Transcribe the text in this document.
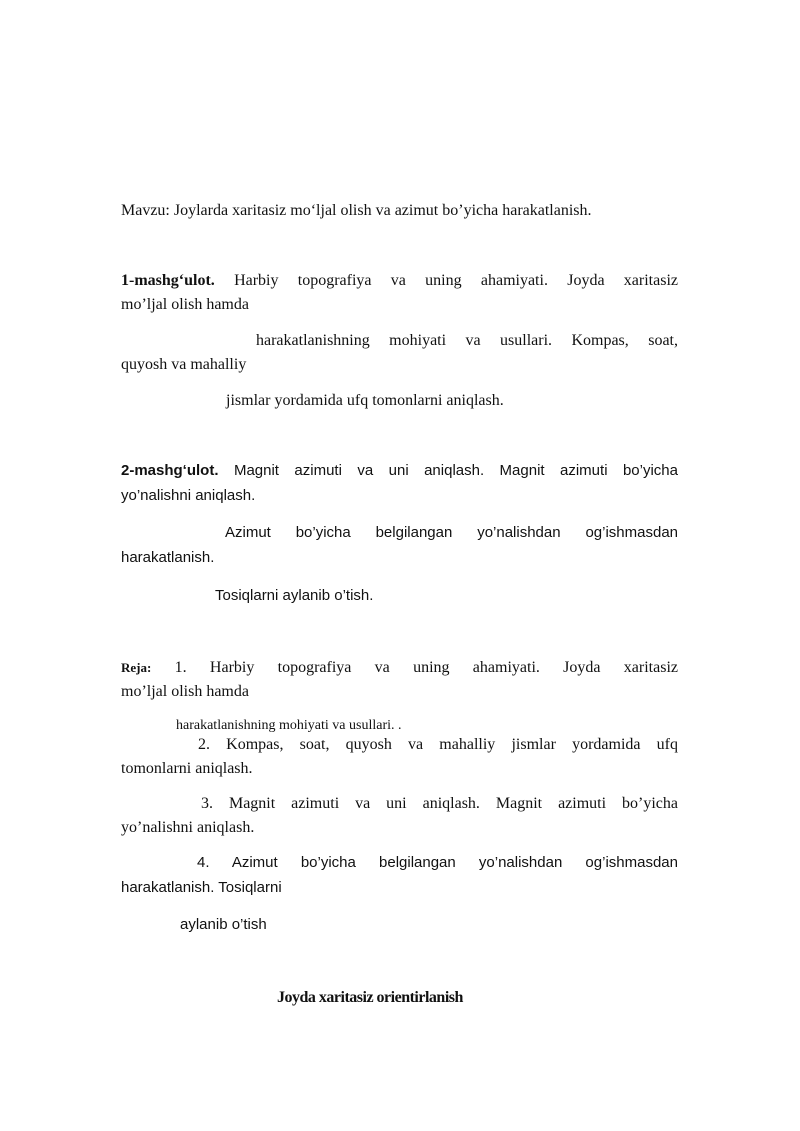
Mavzu: Joylarda xaritasiz mo‘ljal olish va azimut bo’yicha harakatlanish.
1-mashg‘ulot. Harbiy topografiya va uning ahamiyati. Joyda xaritasiz
mo’ljal olish hamda
harakatlanishning mohiyati va usullari. Kompas, soat,
quyosh va mahalliy
jismlar yordamida ufq tomonlarni aniqlash.
2-mashg‘ulot. Magnit azimuti va uni aniqlash. Magnit azimuti bo’yicha
yo’nalishni aniqlash.
Azimut bo’yicha belgilangan yo’nalishdan og’ishmasdan
harakatlanish.
Tosiqlarni aylanib o’tish.
Reja: 1. Harbiy topografiya va uning ahamiyati. Joyda xaritasiz
mo’ljal olish hamda
harakatlanishning mohiyati va usullari. .
2. Kompas, soat, quyosh va mahalliy jismlar yordamida ufq
tomonlarni aniqlash.
3. Magnit azimuti va uni aniqlash. Magnit azimuti bo’yicha
yo’nalishni aniqlash.
4. Azimut bo’yicha belgilangan yo’nalishdan og’ishmasdan
harakatlanish. Tosiqlarni
aylanib o’tish
Joyda xaritasiz orientirlanish
